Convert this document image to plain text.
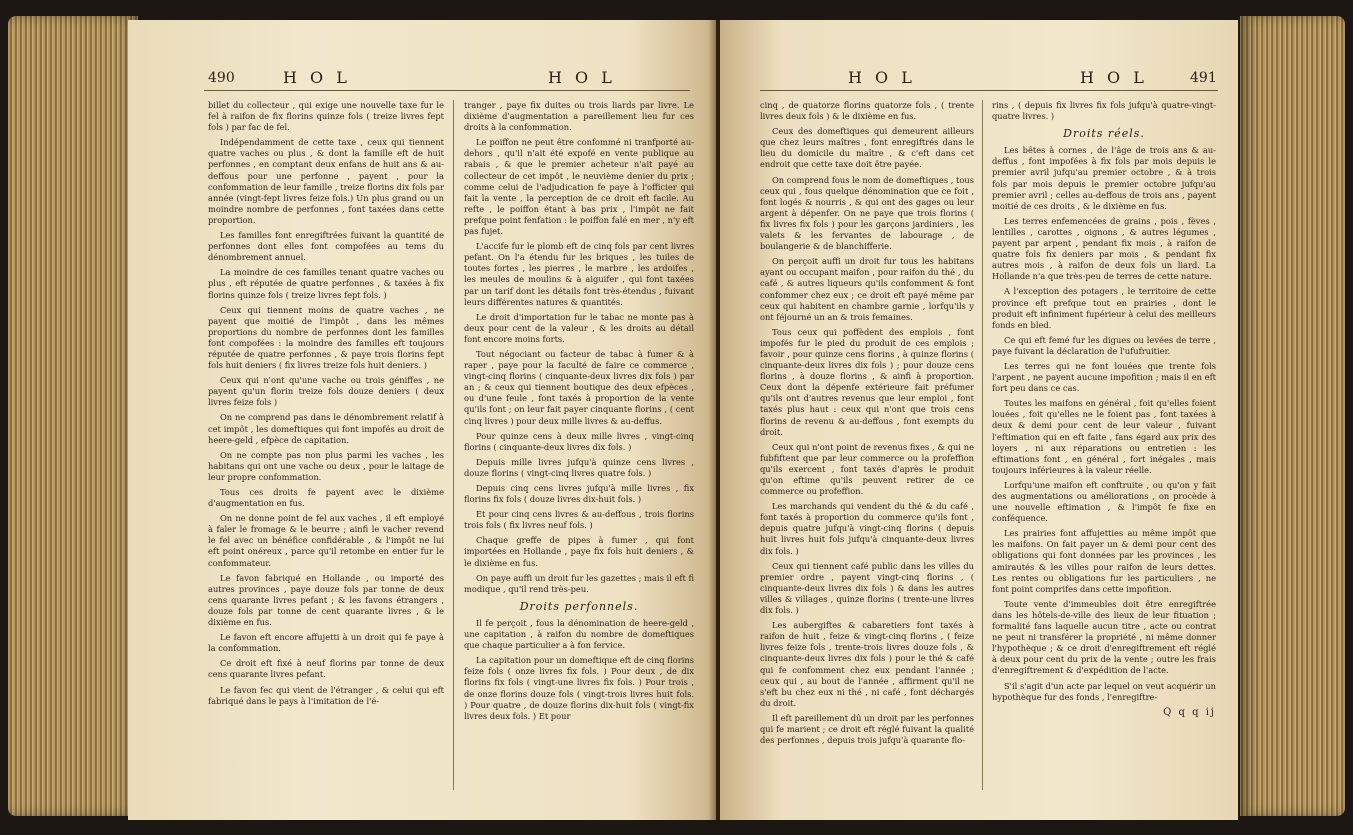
490	H O L	H O L

billet du collecteur , qui exige une nouvelle taxe fur le fel à raifon de fix florins quinze fols ( treize livres fept fols ) par fac de fel.

Indépendamment de cette taxe , ceux qui tiennent quatre vaches ou plus , & dont la famille eft de huit perfonnes , en comptant deux enfans de huit ans & au-deffous pour une perfonne , payent , pour la confommation de leur famille , treize florins dix fols par année (vingt-fept livres feize fols.) Un plus grand ou un moindre nombre de perfonnes , font taxées dans cette proportion.

Les familles font enregiftrées fuivant la quantité de perfonnes dont elles font compofées au tems du dénombrement annuel.

La moindre de ces familles tenant quatre vaches ou plus , eft réputée de quatre perfonnes , & taxées à fix florins quinze fols ( treize livres fept fols. )

Ceux qui tiennent moins de quatre vaches , ne payent que moitié de l'impôt , dans les mêmes proportions du nombre de perfonnes dont les familles font compofées : la moindre des familles eft toujours réputée de quatre perfonnes , & paye trois florins fept fols huit deniers ( fix livres treize fols huit deniers. )

Ceux qui n'ont qu'une vache ou trois géniffes , ne payent qu'un florin treize fols douze deniers ( deux livres feize fols )

On ne comprend pas dans le dénombrement relatif à cet impôt , les domeftiques qui font impofés au droit de heere-geld , efpèce de capitation.

On ne compte pas non plus parmi les vaches , les habitans qui ont une vache ou deux , pour le laitage de leur propre confommation.

Tous ces droits fe payent avec le dixième d'augmentation en fus.

On ne donne point de fel aux vaches , il eft employé à faler le fromage & le beurre ; ainfi le vacher revend le fel avec un bénéfice confidérable , & l'impôt ne lui eft point onéreux , parce qu'il retombe en entier fur le confommateur.

Le favon fabriqué en Hollande , ou importé des autres provinces , paye douze fols par tonne de deux cens quarante livres pefant ; & les favons étrangers , douze fols par tonne de cent quarante livres , & le dixième en fus.

Le favon eft encore affujetti à un droit qui fe paye à la confommation.

Ce droit eft fixé à neuf florins par tonne de deux cens quarante livres pefant.

Le favon fec qui vient de l'étranger , & celui qui eft fabriqué dans le pays à l'imitation de l'é-

tranger , paye fix duites ou trois liards par livre. Le dixième d'augmentation a pareillement lieu fur ces droits à la confommation.

Le poiffon ne peut être confommé ni tranfporté au-dehors , qu'il n'ait été expofé en vente publique au rabais , & que le premier acheteur n'ait payé au collecteur de cet impôt , le neuvième denier du prix ; comme celui de l'adjudication fe paye à l'officier qui fait la vente , la perception de ce droit eft facile. Au refte , le poiffon étant à bas prix , l'impôt ne fait prefque point fenfation : le poiffon falé en mer , n'y eft pas fujet.

L'accife fur le plomb eft de cinq fols par cent livres pefant. On l'a étendu fur les briques , les tuiles de toutes fortes , les pierres , le marbre , les ardoifes , les meules de moulins & à aiguifer , qui font taxées par un tarif dont les détails font très-étendus , fuivant leurs différentes natures & quantités.

Le droit d'importation fur le tabac ne monte pas à deux pour cent de la valeur , & les droits au détail font encore moins forts.

Tout négociant ou facteur de tabac à fumer & à raper , paye pour la faculté de faire ce commerce , vingt-cinq florins ( cinquante-deux livres dix fols ) par an ; & ceux qui tiennent boutique des deux efpèces , ou d'une feule , font taxés à proportion de la vente qu'ils font ; on leur fait payer cinquante florins , ( cent cinq livres ) pour deux mille livres & au-deffus.

Pour quinze cens à deux mille livres , vingt-cinq florins ( cinquante-deux livres dix fols. )

Depuis mille livres jufqu'à quinze cens livres , douze florins ( vingt-cinq livres quatre fols. )

Depuis cinq cens livres jufqu'à mille livres , fix florins fix fols ( douze livres dix-huit fols. )

Et pour cinq cens livres & au-deffous , trois florins trois fols ( fix livres neuf fols. )

Chaque greffe de pipes à fumer , qui font importées en Hollande , paye fix fols huit deniers , & le dixième en fus.

On paye auffi un droit fur les gazettes ; mais il eft fi modique , qu'il rend très-peu.

Droits perfonnels.

Il fe perçoit , fous la dénomination de heere-geld , une capitation , à raifon du nombre de domeftiques que chaque particulier a à fon fervice.

La capitation pour un domeftique eft de cinq florins feize fols ( onze livres fix fols. ) Pour deux , de dix florins fix fols ( vingt-une livres fix fols. ) Pour trois , de onze florins douze fols ( vingt-trois livres huit fols. ) Pour quatre , de douze florins dix-huit fols ( vingt-fix livres deux fols. ) Et pour

H O L	H O L	491

cinq , de quatorze florins quatorze fols , ( trente livres deux fols ) & le dixième en fus.

Ceux des domeftiques qui demeurent ailleurs que chez leurs maîtres , font enregiftrés dans le lieu du domicile du maître , & c'eft dans cet endroit que cette taxe doit être payée.

On comprend fous le nom de domeftiques , tous ceux qui , fous quelque dénomination que ce foit , font logés & nourris , & qui ont des gages ou leur argent à dépenfer. On ne paye que trois florins ( fix livres fix fols ) pour les garçons jardiniers , les valets & les fervantes de labourage , de boulangerie & de blanchifferie.

On perçoit auffi un droit fur tous les habitans ayant ou occupant maifon , pour raifon du thé , du café , & autres liqueurs qu'ils confomment & font confommer chez eux ; ce droit eft payé même par ceux qui habitent en chambre garnie , lorfqu'ils y ont féjourné un an & trois femaines.

Tous ceux qui poffèdent des emplois , font impofés fur le pied du produit de ces emplois ; favoir , pour quinze cens florins , à quinze florins ( cinquante-deux livres dix fols ) ; pour douze cens florins , à douze florins , & ainfi à proportion. Ceux dont la dépenfe extérieure fait préfumer qu'ils ont d'autres revenus que leur emploi , font taxés plus haut : ceux qui n'ont que trois cens florins de revenu & au-deffous , font exempts du droit.

Ceux qui n'ont point de revenus fixes , & qui ne fubfiftent que par leur commerce ou la profeffion qu'ils exercent , font taxés d'après le produit qu'on eftime qu'ils peuvent retirer de ce commerce ou profeffion.

Les marchands qui vendent du thé & du café , font taxés à proportion du commerce qu'ils font , depuis quatre jufqu'à vingt-cinq florins ( depuis huit livres huit fols jufqu'à cinquante-deux livres dix fols. )

Ceux qui tiennent café public dans les villes du premier ordre , payent vingt-cinq florins , ( cinquante-deux livres dix fols ) & dans les autres villes & villages , quinze florins ( trente-une livres dix fols. )

Les aubergiftes & cabaretiers font taxés à raifon de huit , feize & vingt-cinq florins , ( feize livres feize fols , trente-trois livres douze fols , & cinquante-deux livres dix fols ) pour le thé & café qui fe confomment chez eux pendant l'année ; ceux qui , au bout de l'année , affirment qu'il ne s'eft bu chez eux ni thé , ni café , font déchargés du droit.

Il eft pareillement dû un droit par les perfonnes qui fe marient ; ce droit eft réglé fuivant la qualité des perfonnes , depuis trois jufqu'à quarante flo-

rins , ( depuis fix livres fix fols jufqu'à quatre-vingt-quatre livres. )

Droits réels.

Les bêtes à cornes , de l'âge de trois ans & au-deffus , font impofées à fix fols par mois depuis le premier avril jufqu'au premier octobre , & à trois fols par mois depuis le premier octobre jufqu'au premier avril ; celles au-deffous de trois ans , payent moitié de ces droits , & le dixième en fus.

Les terres enfemencées de grains , pois , fèves , lentilles , carottes , oignons , & autres légumes , payent par arpent , pendant fix mois , à raifon de quatre fols fix deniers par mois , & pendant fix autres mois , à raifon de deux fols un liard. La Hollande n'a que très-peu de terres de cette nature.

A l'exception des potagers , le territoire de cette province eft prefque tout en prairies , dont le produit eft infiniment fupérieur à celui des meilleurs fonds en bled.

Ce qui eft femé fur les digues ou levées de terre , paye fuivant la déclaration de l'ufufruitier.

Les terres qui ne font louées que trente fols l'arpent , ne payent aucune impofition ; mais il en eft fort peu dans ce cas.

Toutes les maifons en général , foit qu'elles foient louées , foit qu'elles ne le foient pas , font taxées à deux & demi pour cent de leur valeur , fuivant l'eftimation qui en eft faite , fans égard aux prix des loyers , ni aux réparations ou entretien : les eftimations font , en général , fort inégales , mais toujours inférieures à la valeur réelle.

Lorfqu'une maifon eft conftruite , ou qu'on y fait des augmentations ou améliorations , on procède à une nouvelle eftimation , & l'impôt fe fixe en conféquence.

Les prairies font affujetties au même impôt que les maifons. On fait payer un & demi pour cent des obligations qui font données par les provinces , les amirautés & les villes pour raifon de leurs dettes. Les rentes ou obligations fur les particuliers , ne font point comprifes dans cette impofition.

Toute vente d'immeubles doit être enregiftrée dans les hôtels-de-ville des lieux de leur fituation ; formalité fans laquelle aucun titre , acte ou contrat ne peut ni transférer la propriété , ni même donner l'hypothèque ; & ce droit d'enregiftrement eft réglé à deux pour cent du prix de la vente ; outre les frais d'enregiftrement & d'expédition de l'acte.

S'il s'agit d'un acte par lequel on veut acquérir un hypothèque fur des fonds , l'enregiftre-

Q q q ij
